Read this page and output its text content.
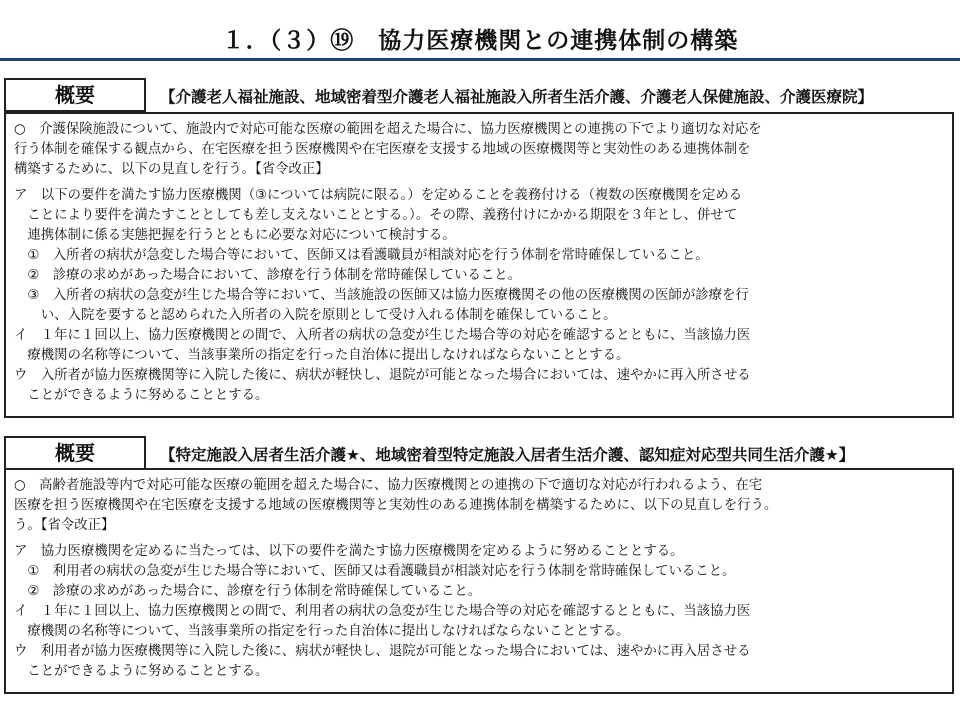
１．（３）⑲　協力医療機関との連携体制の構築
概要	【介護老人福祉施設、地域密着型介護老人福祉施設入所者生活介護、介護老人保健施設、介護医療院】
○　介護保険施設について、施設内で対応可能な医療の範囲を超えた場合に、協力医療機関との連携の下でより適切な対応を
行う体制を確保する観点から、在宅医療を担う医療機関や在宅医療を支援する地域の医療機関等と実効性のある連携体制を
構築するために、以下の見直しを行う。【省令改正】
ア　以下の要件を満たす協力医療機関（③については病院に限る。）を定めることを義務付ける（複数の医療機関を定める
　ことにより要件を満たすこととしても差し支えないこととする。）。その際、義務付けにかかる期限を３年とし、併せて
　連携体制に係る実態把握を行うとともに必要な対応について検討する。
　①　入所者の病状が急変した場合等において、医師又は看護職員が相談対応を行う体制を常時確保していること。
　②　診療の求めがあった場合において、診療を行う体制を常時確保していること。
　③　入所者の病状の急変が生じた場合等において、当該施設の医師又は協力医療機関その他の医療機関の医師が診療を行
　　い、入院を要すると認められた入所者の入院を原則として受け入れる体制を確保していること。
イ　１年に１回以上、協力医療機関との間で、入所者の病状の急変が生じた場合等の対応を確認するとともに、当該協力医
　療機関の名称等について、当該事業所の指定を行った自治体に提出しなければならないこととする。
ウ　入所者が協力医療機関等に入院した後に、病状が軽快し、退院が可能となった場合においては、速やかに再入所させる
　ことができるように努めることとする。
概要	【特定施設入居者生活介護★、地域密着型特定施設入居者生活介護、認知症対応型共同生活介護★】
○　高齢者施設等内で対応可能な医療の範囲を超えた場合に、協力医療機関との連携の下で適切な対応が行われるよう、在宅
医療を担う医療機関や在宅医療を支援する地域の医療機関等と実効性のある連携体制を構築するために、以下の見直しを行う。
う。【省令改正】
ア　協力医療機関を定めるに当たっては、以下の要件を満たす協力医療機関を定めるように努めることとする。
　①　利用者の病状の急変が生じた場合等において、医師又は看護職員が相談対応を行う体制を常時確保していること。
　②　診療の求めがあった場合に、診療を行う体制を常時確保していること。
イ　１年に１回以上、協力医療機関との間で、利用者の病状の急変が生じた場合等の対応を確認するとともに、当該協力医
　療機関の名称等について、当該事業所の指定を行った自治体に提出しなければならないこととする。
ウ　利用者が協力医療機関等に入院した後に、病状が軽快し、退院が可能となった場合においては、速やかに再入居させる
　ことができるように努めることとする。
